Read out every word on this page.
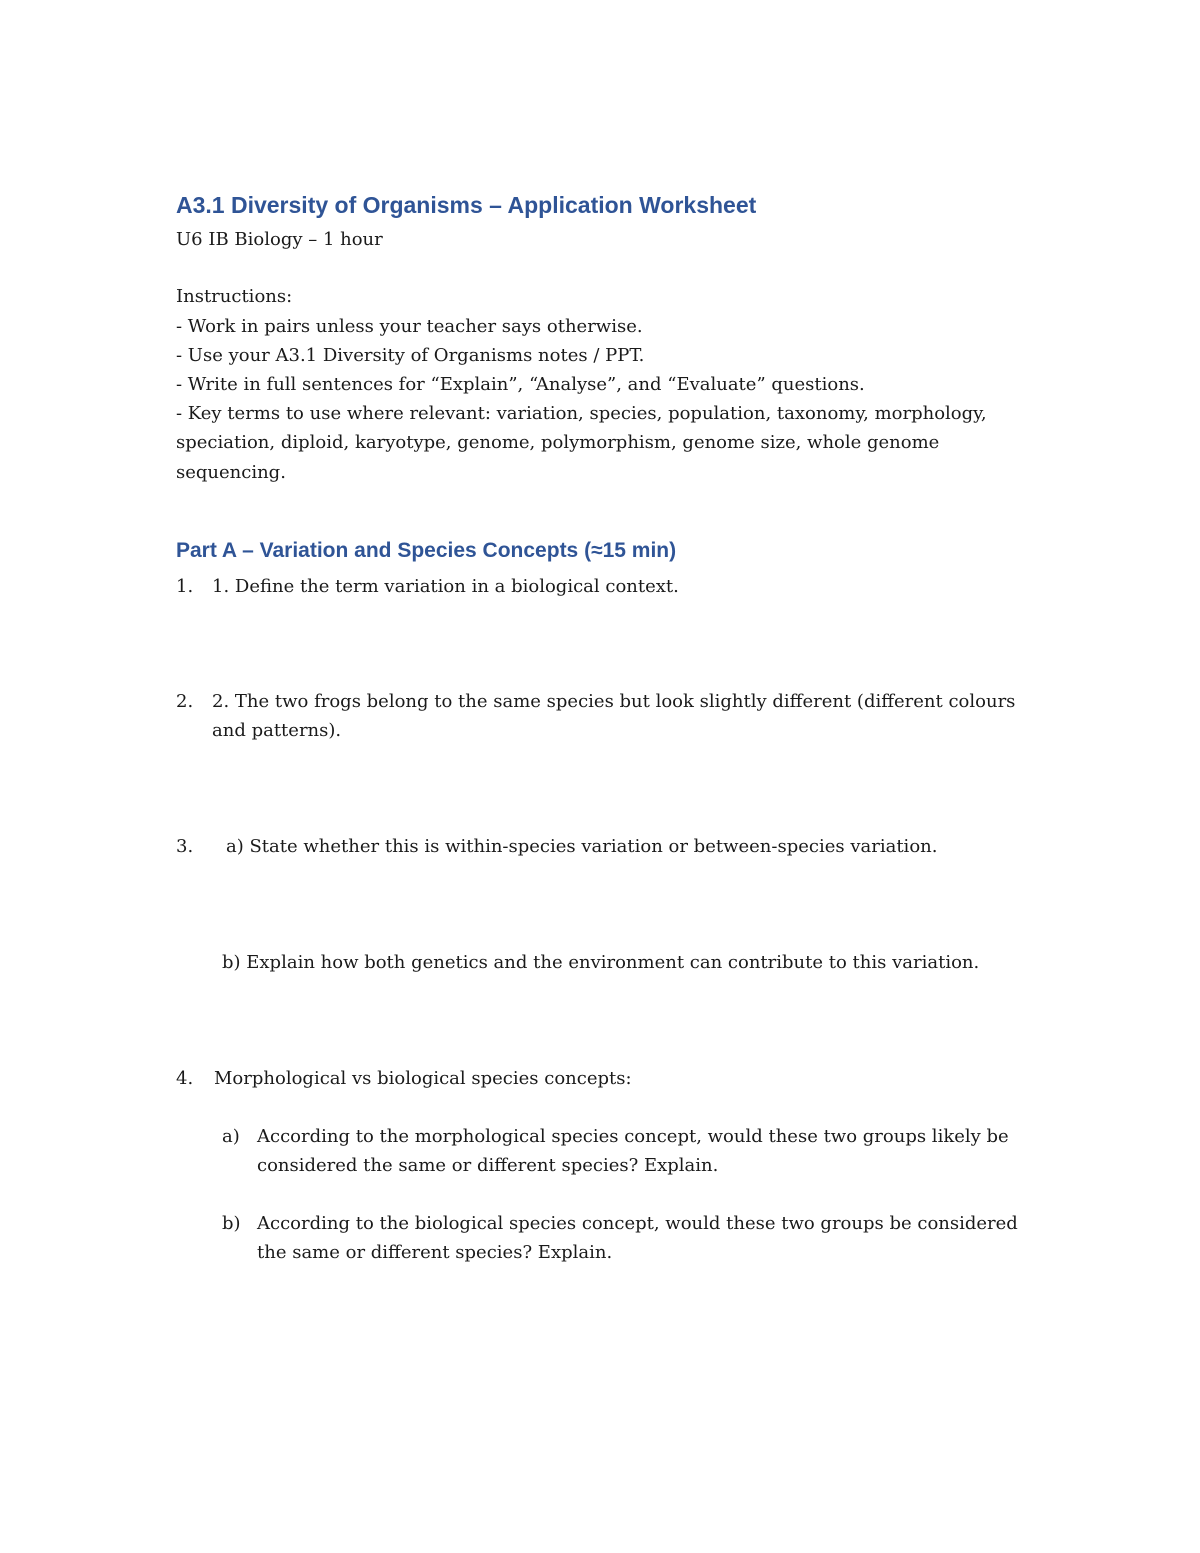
A3.1 Diversity of Organisms – Application Worksheet
U6 IB Biology – 1 hour
Instructions:
- Work in pairs unless your teacher says otherwise.
- Use your A3.1 Diversity of Organisms notes / PPT.
- Write in full sentences for “Explain”, “Analyse”, and “Evaluate” questions.
- Key terms to use where relevant: variation, species, population, taxonomy, morphology,
speciation, diploid, karyotype, genome, polymorphism, genome size, whole genome
sequencing.
Part A – Variation and Species Concepts (≈15 min)
1. 1. Define the term variation in a biological context.
2. 2. The two frogs belong to the same species but look slightly different (different colours
and patterns).
3. a) State whether this is within-species variation or between-species variation.
b) Explain how both genetics and the environment can contribute to this variation.
4. Morphological vs biological species concepts:
a) According to the morphological species concept, would these two groups likely be
considered the same or different species? Explain.
b) According to the biological species concept, would these two groups be considered
the same or different species? Explain.
